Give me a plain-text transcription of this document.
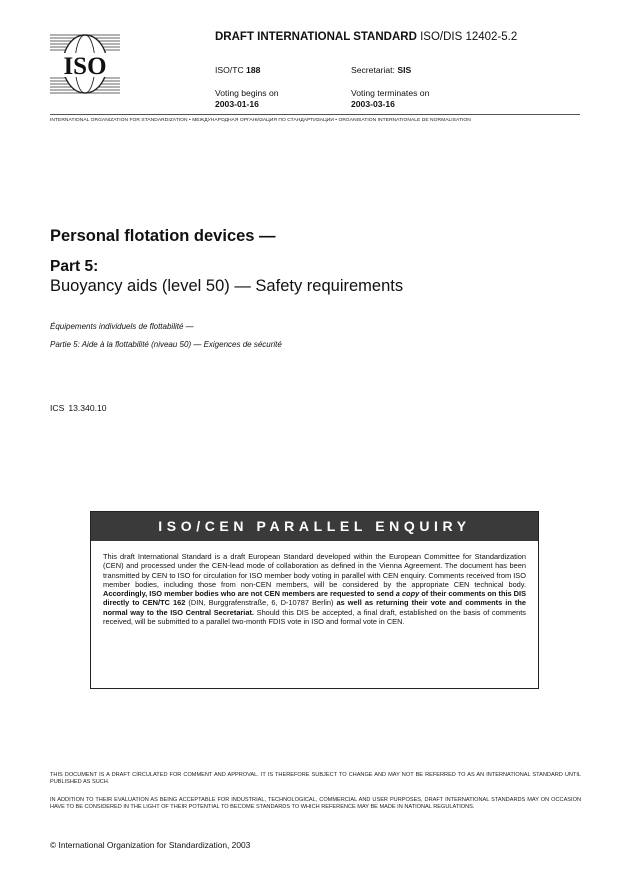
ISO
DRAFT INTERNATIONAL STANDARD ISO/DIS 12402-5.2
ISO/TC 188	Secretariat: SIS
Voting begins on
2003-01-16
Voting terminates on
2003-03-16
INTERNATIONAL ORGANIZATION FOR STANDARDIZATION • МЕЖДУНАРОДНАЯ ОРГАНИЗАЦИЯ ПО СТАНДАРТИЗАЦИИ • ORGANISATION INTERNATIONALE DE NORMALISATION
Personal flotation devices —
Part 5:
Buoyancy aids (level 50) — Safety requirements
Équipements individuels de flottabilité —
Partie 5: Aide à la flottabilité (niveau 50) — Exigences de sécurité
ICS 13.340.10
ISO/CEN PARALLEL ENQUIRY
This draft International Standard is a draft European Standard developed within the European Committee for Standardization (CEN) and processed under the CEN-lead mode of collaboration as defined in the Vienna Agreement. The document has been transmitted by CEN to ISO for circulation for ISO member body voting in parallel with CEN enquiry. Comments received from ISO member bodies, including those from non-CEN members, will be considered by the appropriate CEN technical body. Accordingly, ISO member bodies who are not CEN members are requested to send a copy of their comments on this DIS directly to CEN/TC 162 (DIN, Burggrafenstraße, 6, D-10787 Berlin) as well as returning their vote and comments in the normal way to the ISO Central Secretariat. Should this DIS be accepted, a final draft, established on the basis of comments received, will be submitted to a parallel two-month FDIS vote in ISO and formal vote in CEN.
THIS DOCUMENT IS A DRAFT CIRCULATED FOR COMMENT AND APPROVAL. IT IS THEREFORE SUBJECT TO CHANGE AND MAY NOT BE REFERRED TO AS AN INTERNATIONAL STANDARD UNTIL PUBLISHED AS SUCH.
IN ADDITION TO THEIR EVALUATION AS BEING ACCEPTABLE FOR INDUSTRIAL, TECHNOLOGICAL, COMMERCIAL AND USER PURPOSES, DRAFT INTERNATIONAL STANDARDS MAY ON OCCASION HAVE TO BE CONSIDERED IN THE LIGHT OF THEIR POTENTIAL TO BECOME STANDARDS TO WHICH REFERENCE MAY BE MADE IN NATIONAL REGULATIONS.
© International Organization for Standardization, 2003
